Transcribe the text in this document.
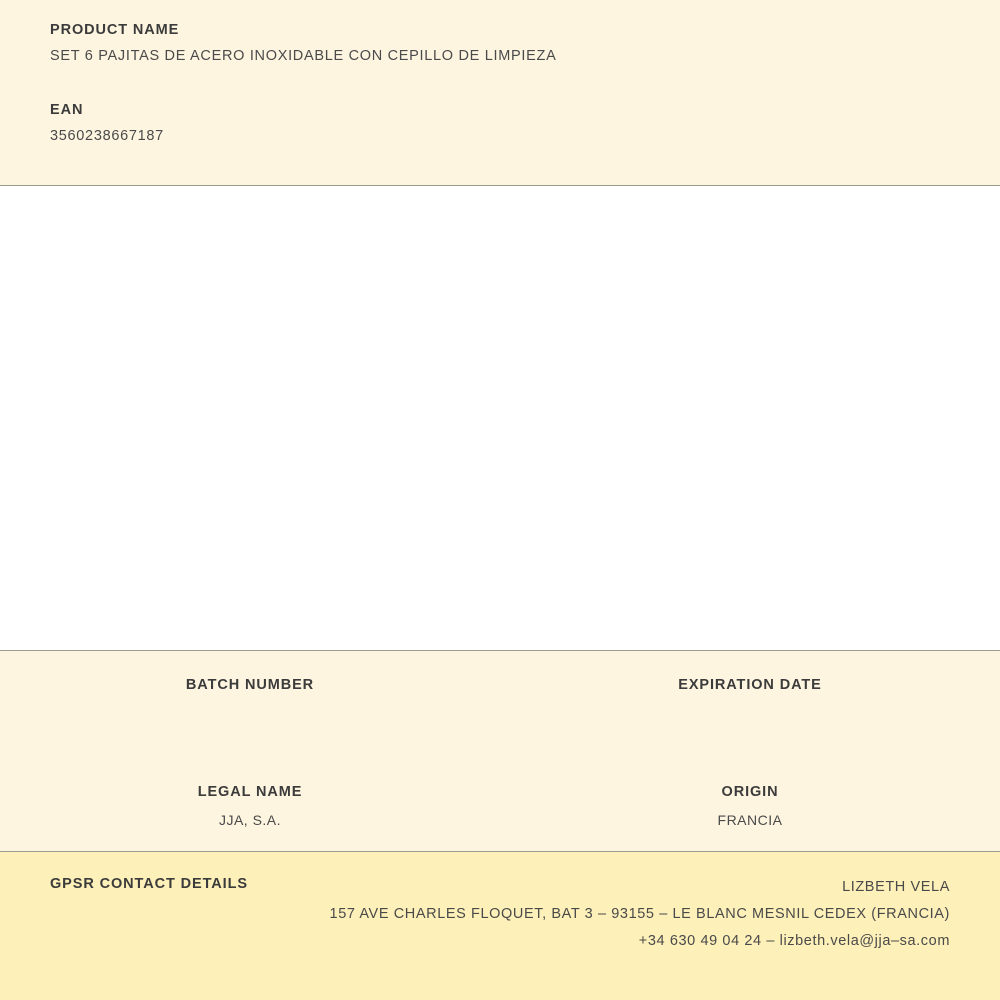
PRODUCT NAME

SET 6 PAJITAS DE ACERO INOXIDABLE CON CEPILLO DE LIMPIEZA

EAN

3560238667187

BATCH NUMBER	EXPIRATION DATE

LEGAL NAME

JJA, S.A.

ORIGIN

FRANCIA

GPSR CONTACT DETAILS	LIZBETH VELA
157 AVE CHARLES FLOQUET, BAT 3 – 93155 – LE BLANC MESNIL CEDEX (FRANCIA)
+34 630 49 04 24 – lizbeth.vela@jja–sa.com
